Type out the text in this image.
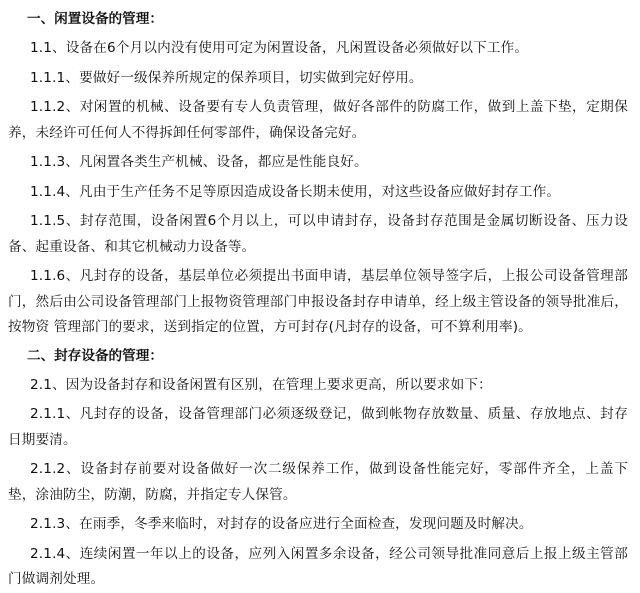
一、闲置设备的管理：

1.1、设备在6个月以内没有使用可定为闲置设备，凡闲置设备必须做好以下工作。

1.1.1、要做好一级保养所规定的保养项目，切实做到完好停用。

1.1.2、对闲置的机械、设备要有专人负责管理，做好各部件的防腐工作，做到上盖下垫，定期保养，未经许可任何人不得拆卸任何零部件，确保设备完好。

1.1.3、凡闲置各类生产机械、设备，都应是性能良好。

1.1.4、凡由于生产任务不足等原因造成设备长期未使用，对这些设备应做好封存工作。

1.1.5、封存范围，设备闲置6个月以上，可以申请封存，设备封存范围是金属切断设备、压力设备、起重设备、和其它机械动力设备等。

1.1.6、凡封存的设备，基层单位必须提出书面申请，基层单位领导签字后，上报公司设备管理部门，然后由公司设备管理部门上报物资管理部门申报设备封存申请单，经上级主管设备的领导批准后，按物资 管理部门的要求，送到指定的位置，方可封存(凡封存的设备，可不算利用率)。

二、封存设备的管理：

2.1、因为设备封存和设备闲置有区别，在管理上要求更高，所以要求如下：

2.1.1、凡封存的设备，设备管理部门必须逐级登记，做到帐物存放数量、质量、存放地点、封存日期要清。

2.1.2、设备封存前要对设备做好一次二级保养工作，做到设备性能完好，零部件齐全，上盖下垫，涂油防尘，防潮，防腐，并指定专人保管。

2.1.3、在雨季，冬季来临时，对封存的设备应进行全面检查，发现问题及时解决。

2.1.4、连续闲置一年以上的设备，应列入闲置多余设备，经公司领导批准同意后上报上级主管部门做调剂处理。
